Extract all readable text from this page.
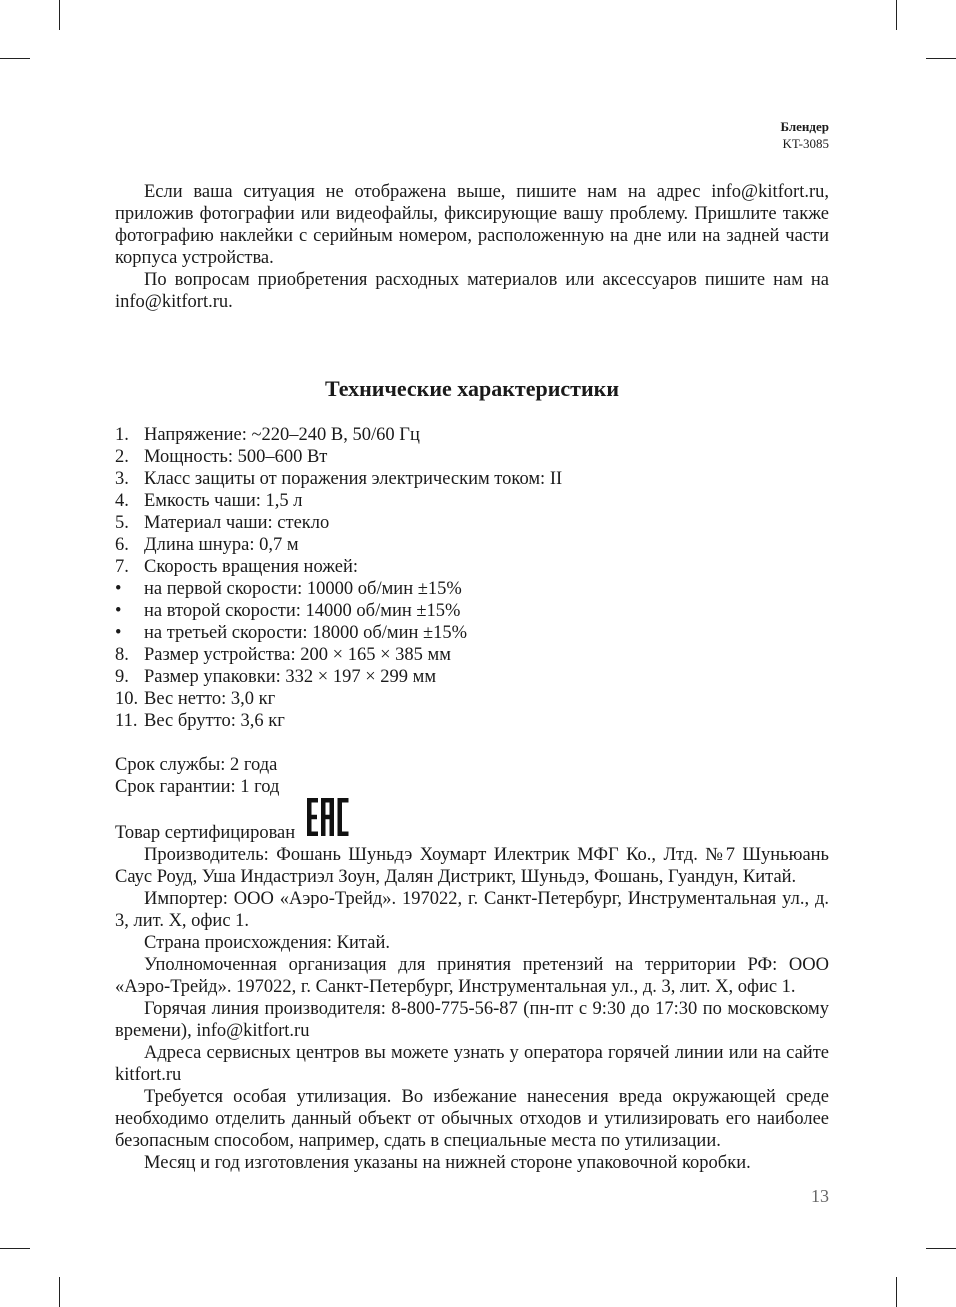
Блендер
KT-3085

Если ваша ситуация не отображена выше, пишите нам на адрес info@kitfort.ru, приложив фотографии или видеофайлы, фиксирующие вашу проблему. Пришлите также фотографию наклейки с серийным номером, расположенную на дне или на задней части корпуса устройства.

По вопросам приобретения расходных материалов или аксессуаров пишите нам на info@kitfort.ru.

Технические характеристики
1. Напряжение: ~220–240 В, 50/60 Гц
2. Мощность: 500–600 Вт
3. Класс защиты от поражения электрическим током: II
4. Емкость чаши: 1,5 л
5. Материал чаши: стекло
6. Длина шнура: 0,7 м
7. Скорость вращения ножей:
• на первой скорости: 10000 об/мин ±15%
• на второй скорости: 14000 об/мин ±15%
• на третьей скорости: 18000 об/мин ±15%
8. Размер устройства: 200 × 165 × 385 мм
9. Размер упаковки: 332 × 197 × 299 мм
10. Вес нетто: 3,0 кг
11. Вес брутто: 3,6 кг

Срок службы: 2 года

Срок гарантии: 1 год

Товар сертифицирован

Производитель: Фошань Шуньдэ Хоумарт Илектрик МФГ Ко., Лтд. №7 Шуньюань Саус Роуд, Уша Индастриэл Зоун, Далян Дистрикт, Шуньдэ, Фошань, Гуандун, Китай.

Импортер: ООО «Аэро-Трейд». 197022, г. Санкт-Петербург, Инструментальная ул., д. 3, лит. Х, офис 1.

Страна происхождения: Китай.

Уполномоченная организация для принятия претензий на территории РФ: ООО «Аэро-Трейд». 197022, г. Санкт-Петербург, Инструментальная ул., д. 3, лит. Х, офис 1.

Горячая линия производителя: 8-800-775-56-87 (пн-пт с 9:30 до 17:30 по московскому времени), info@kitfort.ru

Адреса сервисных центров вы можете узнать у оператора горячей линии или на сайте kitfort.ru

Требуется особая утилизация. Во избежание нанесения вреда окружающей среде необходимо отделить данный объект от обычных отходов и утилизировать его наиболее безопасным способом, например, сдать в специальные места по утилизации.

Месяц и год изготовления указаны на нижней стороне упаковочной коробки.

13
